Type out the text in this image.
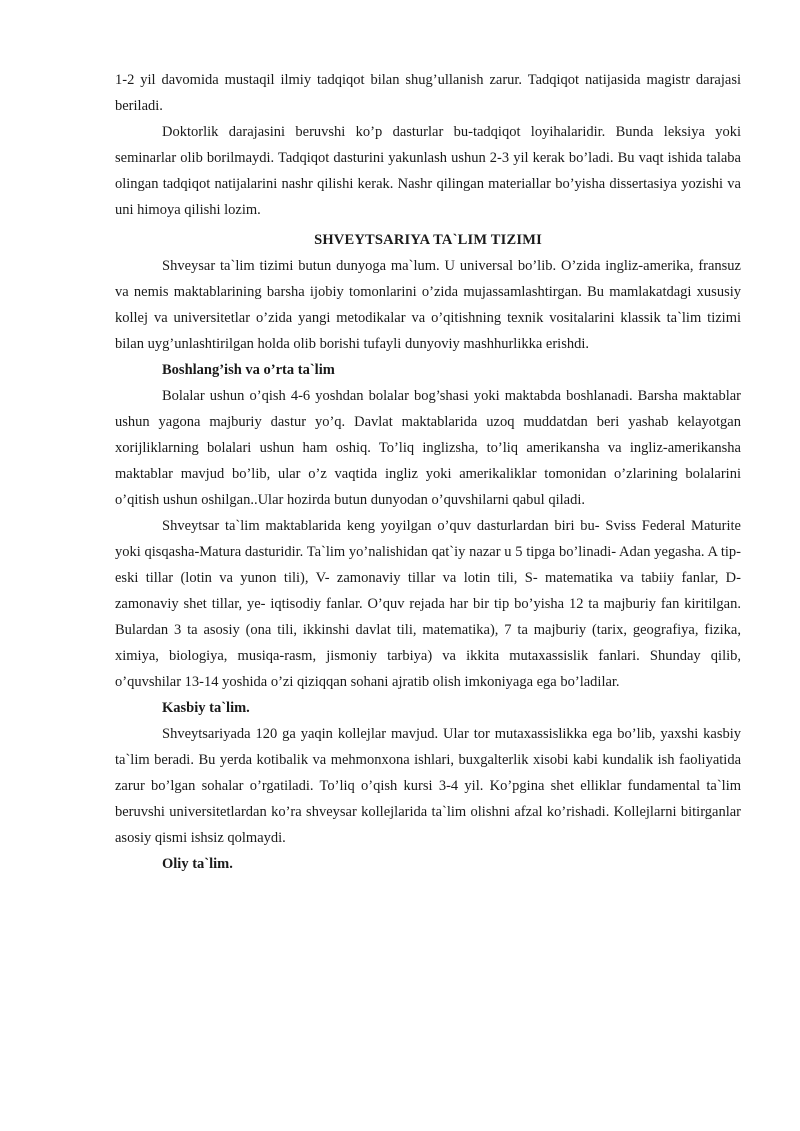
1-2 yil davomida mustaqil ilmiy tadqiqot bilan shug’ullanish zarur. Tadqiqot natijasida magistr darajasi beriladi.

Doktorlik darajasini beruvshi ko’p dasturlar bu-tadqiqot loyihalaridir. Bunda leksiya yoki seminarlar olib borilmaydi. Tadqiqot dasturini yakunlash ushun 2-3 yil kerak bo’ladi. Bu vaqt ishida talaba olingan tadqiqot natijalarini nashr qilishi kerak. Nashr qilingan materiallar bo’yisha dissertasiya yozishi va uni himoya qilishi lozim.

SHVEYTSARIYA TA`LIM TIZIMI

Shveysar ta`lim tizimi butun dunyoga ma`lum. U universal bo’lib. O’zida ingliz-amerika, fransuz va nemis maktablarining barsha ijobiy tomonlarini o’zida mujassamlashtirgan. Bu mamlakatdagi xususiy kollej va universitetlar o’zida yangi metodikalar va o’qitishning texnik vositalarini klassik ta`lim tizimi bilan uyg’unlashtirilgan holda olib borishi tufayli dunyoviy mashhurlikka erishdi.

Boshlang’ish va o’rta ta`lim

Bolalar ushun o’qish 4-6 yoshdan bolalar bog’shasi yoki maktabda boshlanadi. Barsha maktablar ushun yagona majburiy dastur yo’q. Davlat maktablarida uzoq muddatdan beri yashab kelayotgan xorijliklarning bolalari ushun ham oshiq. To’liq inglizsha, to’liq amerikansha va ingliz-amerikansha maktablar mavjud bo’lib, ular o’z vaqtida ingliz yoki amerikaliklar tomonidan o’zlarining bolalarini o’qitish ushun oshilgan..Ular hozirda butun dunyodan o’quvshilarni qabul qiladi.

Shveytsar ta`lim maktablarida keng yoyilgan o’quv dasturlardan biri bu- Sviss Federal Maturite yoki qisqasha-Matura dasturidir. Ta`lim yo’nalishidan qat`iy nazar u 5 tipga bo’linadi- Adan yegasha. A tip- eski tillar (lotin va yunon tili), V- zamonaviy tillar va lotin tili, S- matematika va tabiiy fanlar, D- zamonaviy shet tillar, ye- iqtisodiy fanlar. O’quv rejada har bir tip bo’yisha 12 ta majburiy fan kiritilgan. Bulardan 3 ta asosiy (ona tili, ikkinshi davlat tili, matematika), 7 ta majburiy (tarix, geografiya, fizika, ximiya, biologiya, musiqa-rasm, jismoniy tarbiya) va ikkita mutaxassislik fanlari. Shunday qilib, o’quvshilar 13-14 yoshida o’zi qiziqqan sohani ajratib olish imkoniyaga ega bo’ladilar.

Kasbiy ta`lim.

Shveytsariyada 120 ga yaqin kollejlar mavjud. Ular tor mutaxassislikka ega bo’lib, yaxshi kasbiy ta`lim beradi. Bu yerda kotibalik va mehmonxona ishlari, buxgalterlik xisobi kabi kundalik ish faoliyatida zarur bo’lgan sohalar o’rgatiladi. To’liq o’qish kursi 3-4 yil. Ko’pgina shet elliklar fundamental ta`lim beruvshi universitetlardan ko’ra shveysar kollejlarida ta`lim olishni afzal ko’rishadi. Kollejlarni bitirganlar asosiy qismi ishsiz qolmaydi.

Oliy ta`lim.
